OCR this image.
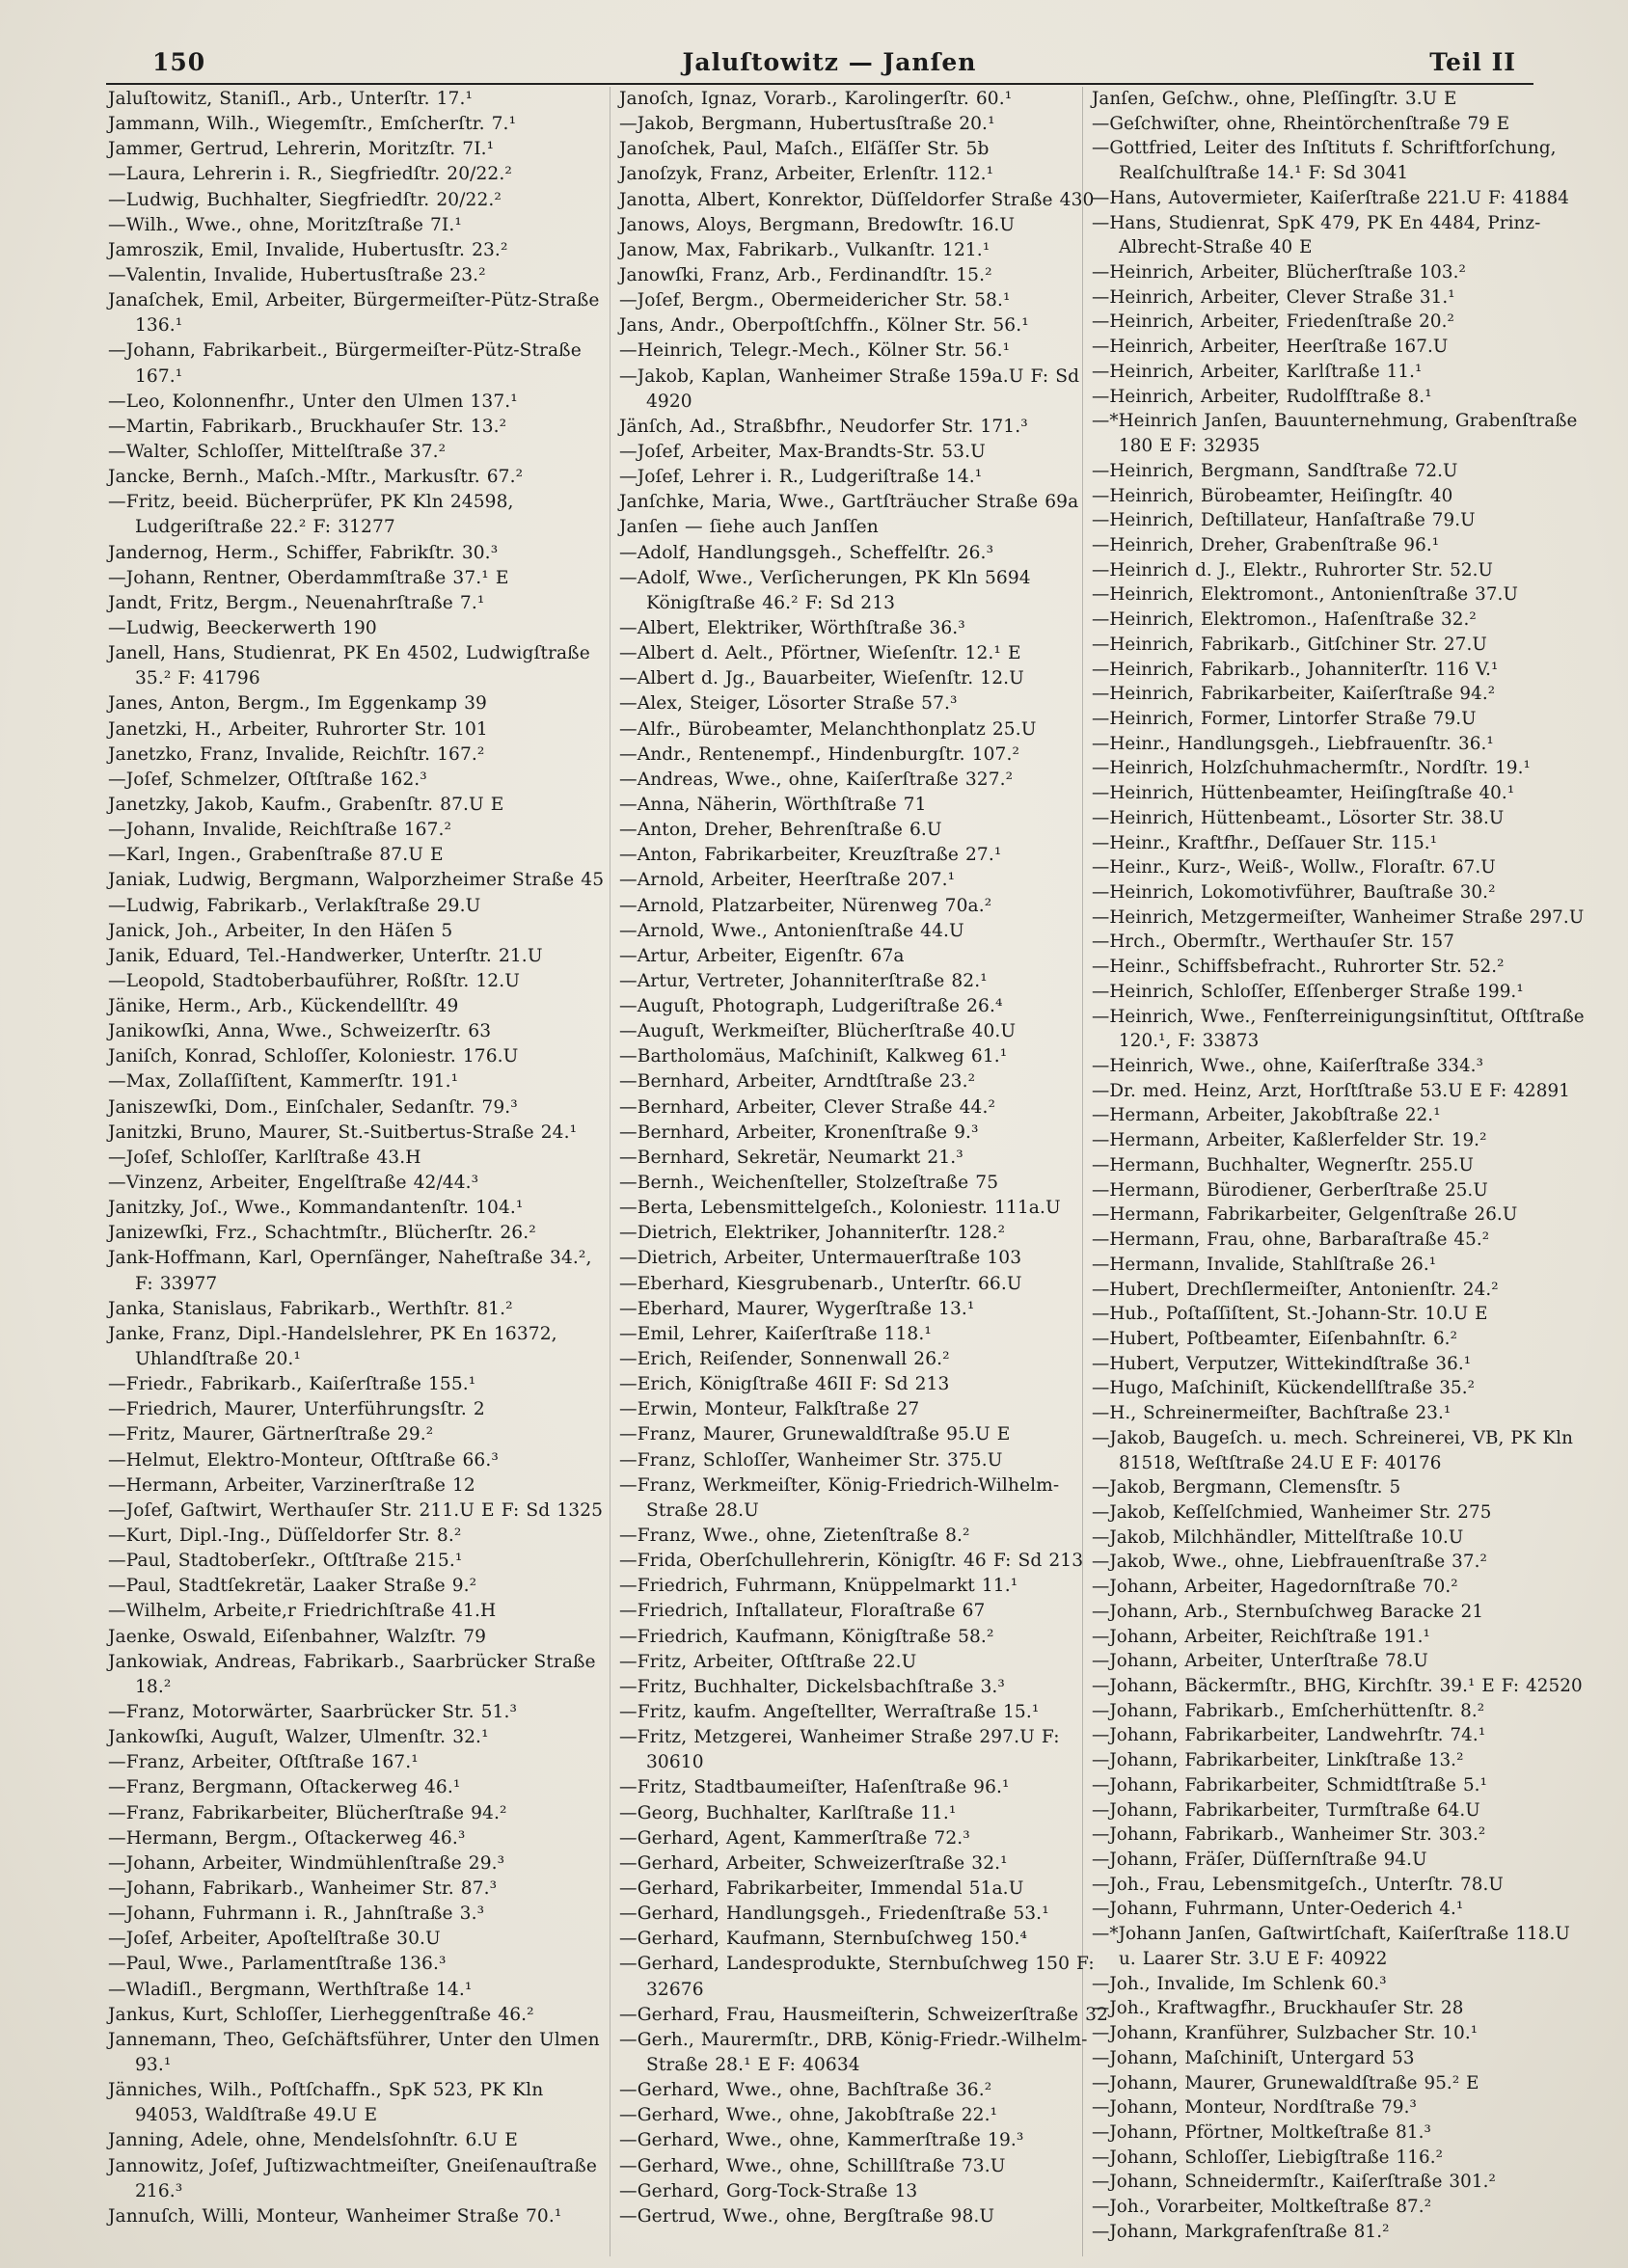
150	Jaluſtowitz — Janſen	Teil II

Jaluſtowitz, Staniſl., Arb., Unterſtr. 17.¹

Jammann, Wilh., Wiegemſtr., Emſcherſtr. 7.¹

Jammer, Gertrud, Lehrerin, Moritzſtr. 7I.¹

—Laura, Lehrerin i. R., Siegfriedſtr. 20/22.²

—Ludwig, Buchhalter, Siegfriedſtr. 20/22.²

—Wilh., Wwe., ohne, Moritzſtraße 7I.¹

Jamroszik, Emil, Invalide, Hubertusſtr. 23.²

—Valentin, Invalide, Hubertusſtraße 23.²

Janaſchek, Emil, Arbeiter, Bürgermeiſter-Pütz-Straße 136.¹

—Johann, Fabrikarbeit., Bürgermeiſter-Pütz-Straße 167.¹

—Leo, Kolonnenfhr., Unter den Ulmen 137.¹

—Martin, Fabrikarb., Bruckhauſer Str. 13.²

—Walter, Schloſſer, Mittelſtraße 37.²

Jancke, Bernh., Maſch.-Mſtr., Markusſtr. 67.²

—Fritz, beeid. Bücherprüfer, PK Kln 24598, Ludgeriſtraße 22.² F: 31277

Jandernog, Herm., Schiffer, Fabrikſtr. 30.³

—Johann, Rentner, Oberdammſtraße 37.¹ E

Jandt, Fritz, Bergm., Neuenahrſtraße 7.¹

—Ludwig, Beeckerwerth 190

Janell, Hans, Studienrat, PK En 4502, Ludwigſtraße 35.² F: 41796

Janes, Anton, Bergm., Im Eggenkamp 39

Janetzki, H., Arbeiter, Ruhrorter Str. 101

Janetzko, Franz, Invalide, Reichſtr. 167.²

—Joſef, Schmelzer, Oſtſtraße 162.³

Janetzky, Jakob, Kaufm., Grabenſtr. 87.U E

—Johann, Invalide, Reichſtraße 167.²

—Karl, Ingen., Grabenſtraße 87.U E

Janiak, Ludwig, Bergmann, Walporzheimer Straße 45

—Ludwig, Fabrikarb., Verlakſtraße 29.U

Janick, Joh., Arbeiter, In den Häſen 5

Janik, Eduard, Tel.-Handwerker, Unterſtr. 21.U

—Leopold, Stadtoberbauführer, Roßſtr. 12.U

Jänike, Herm., Arb., Kückendellſtr. 49

Janikowſki, Anna, Wwe., Schweizerſtr. 63

Janiſch, Konrad, Schloſſer, Koloniestr. 176.U

—Max, Zollaſſiſtent, Kammerſtr. 191.¹

Janiszewſki, Dom., Einſchaler, Sedanſtr. 79.³

Janitzki, Bruno, Maurer, St.-Suitbertus-Straße 24.¹

—Joſef, Schloſſer, Karlſtraße 43.H

—Vinzenz, Arbeiter, Engelſtraße 42/44.³

Janitzky, Joſ., Wwe., Kommandantenſtr. 104.¹

Janizewſki, Frz., Schachtmſtr., Blücherſtr. 26.²

Jank-Hoffmann, Karl, Opernſänger, Naheſtraße 34.², F: 33977

Janka, Stanislaus, Fabrikarb., Werthſtr. 81.²

Janke, Franz, Dipl.-Handelslehrer, PK En 16372, Uhlandſtraße 20.¹

—Friedr., Fabrikarb., Kaiſerſtraße 155.¹

—Friedrich, Maurer, Unterführungsſtr. 2

—Fritz, Maurer, Gärtnerſtraße 29.²

—Helmut, Elektro-Monteur, Oſtſtraße 66.³

—Hermann, Arbeiter, Varzinerſtraße 12

—Joſef, Gaſtwirt, Werthauſer Str. 211.U E F: Sd 1325

—Kurt, Dipl.-Ing., Düſſeldorfer Str. 8.²

—Paul, Stadtoberſekr., Oſtſtraße 215.¹

—Paul, Stadtſekretär, Laaker Straße 9.²

—Wilhelm, Arbeite,r Friedrichſtraße 41.H

Jaenke, Oswald, Eiſenbahner, Walzſtr. 79

Jankowiak, Andreas, Fabrikarb., Saarbrücker Straße 18.²

—Franz, Motorwärter, Saarbrücker Str. 51.³

Jankowſki, Auguſt, Walzer, Ulmenſtr. 32.¹

—Franz, Arbeiter, Oſtſtraße 167.¹

—Franz, Bergmann, Oſtackerweg 46.¹

—Franz, Fabrikarbeiter, Blücherſtraße 94.²

—Hermann, Bergm., Oſtackerweg 46.³

—Johann, Arbeiter, Windmühlenſtraße 29.³

—Johann, Fabrikarb., Wanheimer Str. 87.³

—Johann, Fuhrmann i. R., Jahnſtraße 3.³

—Joſef, Arbeiter, Apoſtelſtraße 30.U

—Paul, Wwe., Parlamentſtraße 136.³

—Wladiſl., Bergmann, Werthſtraße 14.¹

Jankus, Kurt, Schloſſer, Lierheggenſtraße 46.²

Jannemann, Theo, Geſchäftsführer, Unter den Ulmen 93.¹

Jänniches, Wilh., Poſtſchaffn., SpK 523, PK Kln 94053, Waldſtraße 49.U E

Janning, Adele, ohne, Mendelsſohnſtr. 6.U E

Jannowitz, Joſef, Juſtizwachtmeiſter, Gneiſenauſtraße 216.³

Jannuſch, Willi, Monteur, Wanheimer Straße 70.¹

Janoſch, Ignaz, Vorarb., Karolingerſtr. 60.¹

—Jakob, Bergmann, Hubertusſtraße 20.¹

Janoſchek, Paul, Maſch., Elſäſſer Str. 5b

Janoſzyk, Franz, Arbeiter, Erlenſtr. 112.¹

Janotta, Albert, Konrektor, Düſſeldorfer Straße 430

Janows, Aloys, Bergmann, Bredowſtr. 16.U

Janow, Max, Fabrikarb., Vulkanſtr. 121.¹

Janowſki, Franz, Arb., Ferdinandſtr. 15.²

—Joſef, Bergm., Obermeidericher Str. 58.¹

Jans, Andr., Oberpoſtſchffn., Kölner Str. 56.¹

—Heinrich, Telegr.-Mech., Kölner Str. 56.¹

—Jakob, Kaplan, Wanheimer Straße 159a.U F: Sd 4920

Jänſch, Ad., Straßbfhr., Neudorfer Str. 171.³

—Joſef, Arbeiter, Max-Brandts-Str. 53.U

—Joſef, Lehrer i. R., Ludgeriſtraße 14.¹

Janſchke, Maria, Wwe., Gartſträucher Straße 69a

Janſen — ſiehe auch Janſſen

—Adolf, Handlungsgeh., Scheffelſtr. 26.³

—Adolf, Wwe., Verſicherungen, PK Kln 5694 Königſtraße 46.² F: Sd 213

—Albert, Elektriker, Wörthſtraße 36.³

—Albert d. Aelt., Pförtner, Wieſenſtr. 12.¹ E

—Albert d. Jg., Bauarbeiter, Wieſenſtr. 12.U

—Alex, Steiger, Lösorter Straße 57.³

—Alfr., Bürobeamter, Melanchthonplatz 25.U

—Andr., Rentenempf., Hindenburgſtr. 107.²

—Andreas, Wwe., ohne, Kaiſerſtraße 327.²

—Anna, Näherin, Wörthſtraße 71

—Anton, Dreher, Behrenſtraße 6.U

—Anton, Fabrikarbeiter, Kreuzſtraße 27.¹

—Arnold, Arbeiter, Heerſtraße 207.¹

—Arnold, Platzarbeiter, Nürenweg 70a.²

—Arnold, Wwe., Antonienſtraße 44.U

—Artur, Arbeiter, Eigenſtr. 67a

—Artur, Vertreter, Johanniterſtraße 82.¹

—Auguſt, Photograph, Ludgeriſtraße 26.⁴

—Auguſt, Werkmeiſter, Blücherſtraße 40.U

—Bartholomäus, Maſchiniſt, Kalkweg 61.¹

—Bernhard, Arbeiter, Arndtſtraße 23.²

—Bernhard, Arbeiter, Clever Straße 44.²

—Bernhard, Arbeiter, Kronenſtraße 9.³

—Bernhard, Sekretär, Neumarkt 21.³

—Bernh., Weichenſteller, Stolzeſtraße 75

—Berta, Lebensmittelgeſch., Koloniestr. 111a.U

—Dietrich, Elektriker, Johanniterſtr. 128.²

—Dietrich, Arbeiter, Untermauerſtraße 103

—Eberhard, Kiesgrubenarb., Unterſtr. 66.U

—Eberhard, Maurer, Wygerſtraße 13.¹

—Emil, Lehrer, Kaiſerſtraße 118.¹

—Erich, Reiſender, Sonnenwall 26.²

—Erich, Königſtraße 46II F: Sd 213

—Erwin, Monteur, Falkſtraße 27

—Franz, Maurer, Grunewaldſtraße 95.U E

—Franz, Schloſſer, Wanheimer Str. 375.U

—Franz, Werkmeiſter, König-Friedrich-Wilhelm-Straße 28.U

—Franz, Wwe., ohne, Zietenſtraße 8.²

—Frida, Oberſchullehrerin, Königſtr. 46 F: Sd 213

—Friedrich, Fuhrmann, Knüppelmarkt 11.¹

—Friedrich, Inſtallateur, Floraſtraße 67

—Friedrich, Kaufmann, Königſtraße 58.²

—Fritz, Arbeiter, Oſtſtraße 22.U

—Fritz, Buchhalter, Dickelsbachſtraße 3.³

—Fritz, kaufm. Angeſtellter, Werraſtraße 15.¹

—Fritz, Metzgerei, Wanheimer Straße 297.U F: 30610

—Fritz, Stadtbaumeiſter, Haſenſtraße 96.¹

—Georg, Buchhalter, Karlſtraße 11.¹

—Gerhard, Agent, Kammerſtraße 72.³

—Gerhard, Arbeiter, Schweizerſtraße 32.¹

—Gerhard, Fabrikarbeiter, Immendal 51a.U

—Gerhard, Handlungsgeh., Friedenſtraße 53.¹

—Gerhard, Kaufmann, Sternbuſchweg 150.⁴

—Gerhard, Landesprodukte, Sternbuſchweg 150 F: 32676

—Gerhard, Frau, Hausmeiſterin, Schweizerſtraße 32

—Gerh., Maurermſtr., DRB, König-Friedr.-Wilhelm-Straße 28.¹ E F: 40634

—Gerhard, Wwe., ohne, Bachſtraße 36.²

—Gerhard, Wwe., ohne, Jakobſtraße 22.¹

—Gerhard, Wwe., ohne, Kammerſtraße 19.³

—Gerhard, Wwe., ohne, Schillſtraße 73.U

—Gerhard, Gorg-Tock-Straße 13

—Gertrud, Wwe., ohne, Bergſtraße 98.U

Janſen, Geſchw., ohne, Pleſſingſtr. 3.U E

—Geſchwiſter, ohne, Rheintörchenſtraße 79 E

—Gottfried, Leiter des Inſtituts f. Schriftforſchung, Realſchulſtraße 14.¹ F: Sd 3041

—Hans, Autovermieter, Kaiſerſtraße 221.U F: 41884

—Hans, Studienrat, SpK 479, PK En 4484, Prinz-Albrecht-Straße 40 E

—Heinrich, Arbeiter, Blücherſtraße 103.²

—Heinrich, Arbeiter, Clever Straße 31.¹

—Heinrich, Arbeiter, Friedenſtraße 20.²

—Heinrich, Arbeiter, Heerſtraße 167.U

—Heinrich, Arbeiter, Karlſtraße 11.¹

—Heinrich, Arbeiter, Rudolfſtraße 8.¹

—*Heinrich Janſen, Bauunternehmung, Grabenſtraße 180 E F: 32935

—Heinrich, Bergmann, Sandſtraße 72.U

—Heinrich, Bürobeamter, Heiſingſtr. 40

—Heinrich, Deſtillateur, Hanſaſtraße 79.U

—Heinrich, Dreher, Grabenſtraße 96.¹

—Heinrich d. J., Elektr., Ruhrorter Str. 52.U

—Heinrich, Elektromont., Antonienſtraße 37.U

—Heinrich, Elektromon., Haſenſtraße 32.²

—Heinrich, Fabrikarb., Gitſchiner Str. 27.U

—Heinrich, Fabrikarb., Johanniterſtr. 116 V.¹

—Heinrich, Fabrikarbeiter, Kaiſerſtraße 94.²

—Heinrich, Former, Lintorfer Straße 79.U

—Heinr., Handlungsgeh., Liebfrauenſtr. 36.¹

—Heinrich, Holzſchuhmachermſtr., Nordſtr. 19.¹

—Heinrich, Hüttenbeamter, Heiſingſtraße 40.¹

—Heinrich, Hüttenbeamt., Lösorter Str. 38.U

—Heinr., Kraftfhr., Deſſauer Str. 115.¹

—Heinr., Kurz-, Weiß-, Wollw., Floraſtr. 67.U

—Heinrich, Lokomotivführer, Bauſtraße 30.²

—Heinrich, Metzgermeiſter, Wanheimer Straße 297.U

—Hrch., Obermſtr., Werthauſer Str. 157

—Heinr., Schiffsbefracht., Ruhrorter Str. 52.²

—Heinrich, Schloſſer, Eſſenberger Straße 199.¹

—Heinrich, Wwe., Fenſterreinigungsinſtitut, Oſtſtraße 120.¹, F: 33873

—Heinrich, Wwe., ohne, Kaiſerſtraße 334.³

—Dr. med. Heinz, Arzt, Horſtſtraße 53.U E F: 42891

—Hermann, Arbeiter, Jakobſtraße 22.¹

—Hermann, Arbeiter, Kaßlerfelder Str. 19.²

—Hermann, Buchhalter, Wegnerſtr. 255.U

—Hermann, Bürodiener, Gerberſtraße 25.U

—Hermann, Fabrikarbeiter, Gelgenſtraße 26.U

—Hermann, Frau, ohne, Barbaraſtraße 45.²

—Hermann, Invalide, Stahlſtraße 26.¹

—Hubert, Drechſlermeiſter, Antonienſtr. 24.²

—Hub., Poſtaſſiſtent, St.-Johann-Str. 10.U E

—Hubert, Poſtbeamter, Eiſenbahnſtr. 6.²

—Hubert, Verputzer, Wittekindſtraße 36.¹

—Hugo, Maſchiniſt, Kückendellſtraße 35.²

—H., Schreinermeiſter, Bachſtraße 23.¹

—Jakob, Baugeſch. u. mech. Schreinerei, VB, PK Kln 81518, Weſtſtraße 24.U E F: 40176

—Jakob, Bergmann, Clemensſtr. 5

—Jakob, Keſſelſchmied, Wanheimer Str. 275

—Jakob, Milchhändler, Mittelſtraße 10.U

—Jakob, Wwe., ohne, Liebfrauenſtraße 37.²

—Johann, Arbeiter, Hagedornſtraße 70.²

—Johann, Arb., Sternbuſchweg Baracke 21

—Johann, Arbeiter, Reichſtraße 191.¹

—Johann, Arbeiter, Unterſtraße 78.U

—Johann, Bäckermſtr., BHG, Kirchſtr. 39.¹ E F: 42520

—Johann, Fabrikarb., Emſcherhüttenſtr. 8.²

—Johann, Fabrikarbeiter, Landwehrſtr. 74.¹

—Johann, Fabrikarbeiter, Linkſtraße 13.²

—Johann, Fabrikarbeiter, Schmidtſtraße 5.¹

—Johann, Fabrikarbeiter, Turmſtraße 64.U

—Johann, Fabrikarb., Wanheimer Str. 303.²

—Johann, Fräſer, Düſſernſtraße 94.U

—Joh., Frau, Lebensmitgeſch., Unterſtr. 78.U

—Johann, Fuhrmann, Unter-Oederich 4.¹

—*Johann Janſen, Gaſtwirtſchaft, Kaiſerſtraße 118.U u. Laarer Str. 3.U E F: 40922

—Joh., Invalide, Im Schlenk 60.³

—Joh., Kraftwagfhr., Bruckhauſer Str. 28

—Johann, Kranführer, Sulzbacher Str. 10.¹

—Johann, Maſchiniſt, Untergard 53

—Johann, Maurer, Grunewaldſtraße 95.² E

—Johann, Monteur, Nordſtraße 79.³

—Johann, Pförtner, Moltkeſtraße 81.³

—Johann, Schloſſer, Liebigſtraße 116.²

—Johann, Schneidermſtr., Kaiſerſtraße 301.²

—Joh., Vorarbeiter, Moltkeſtraße 87.²

—Johann, Markgrafenſtraße 81.²
